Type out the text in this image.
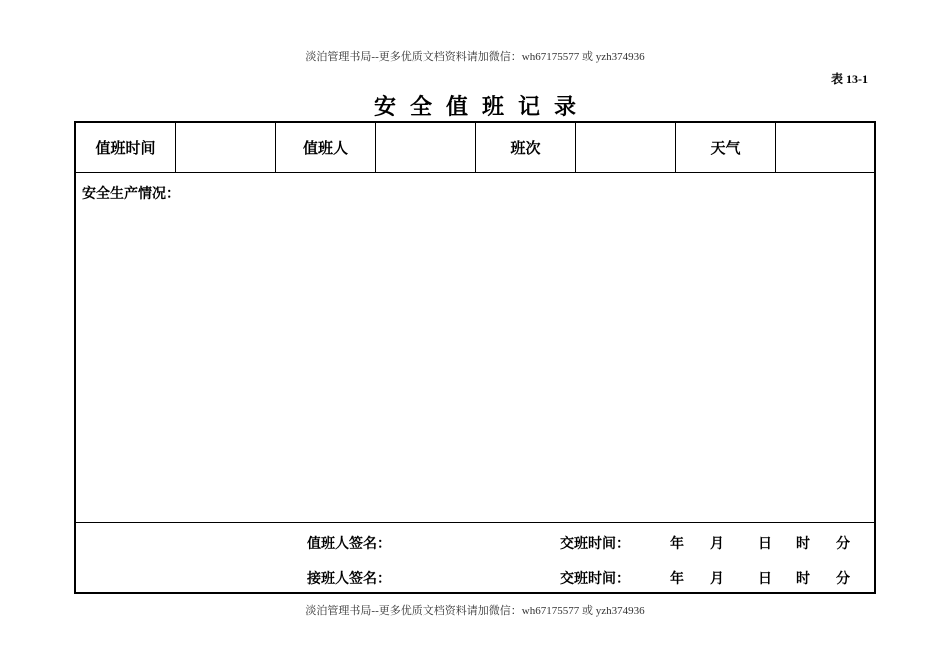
淡泊管理书局--更多优质文档资料请加微信：wh67175577 或 yzh374936
表 13-1
安全值班记录
值班时间	值班人	班次	天气
安全生产情况：
值班人签名：	交班时间：	年 月 日 时 分
接班人签名：	交班时间：	年 月 日 时 分
淡泊管理书局--更多优质文档资料请加微信：wh67175577 或 yzh374936
